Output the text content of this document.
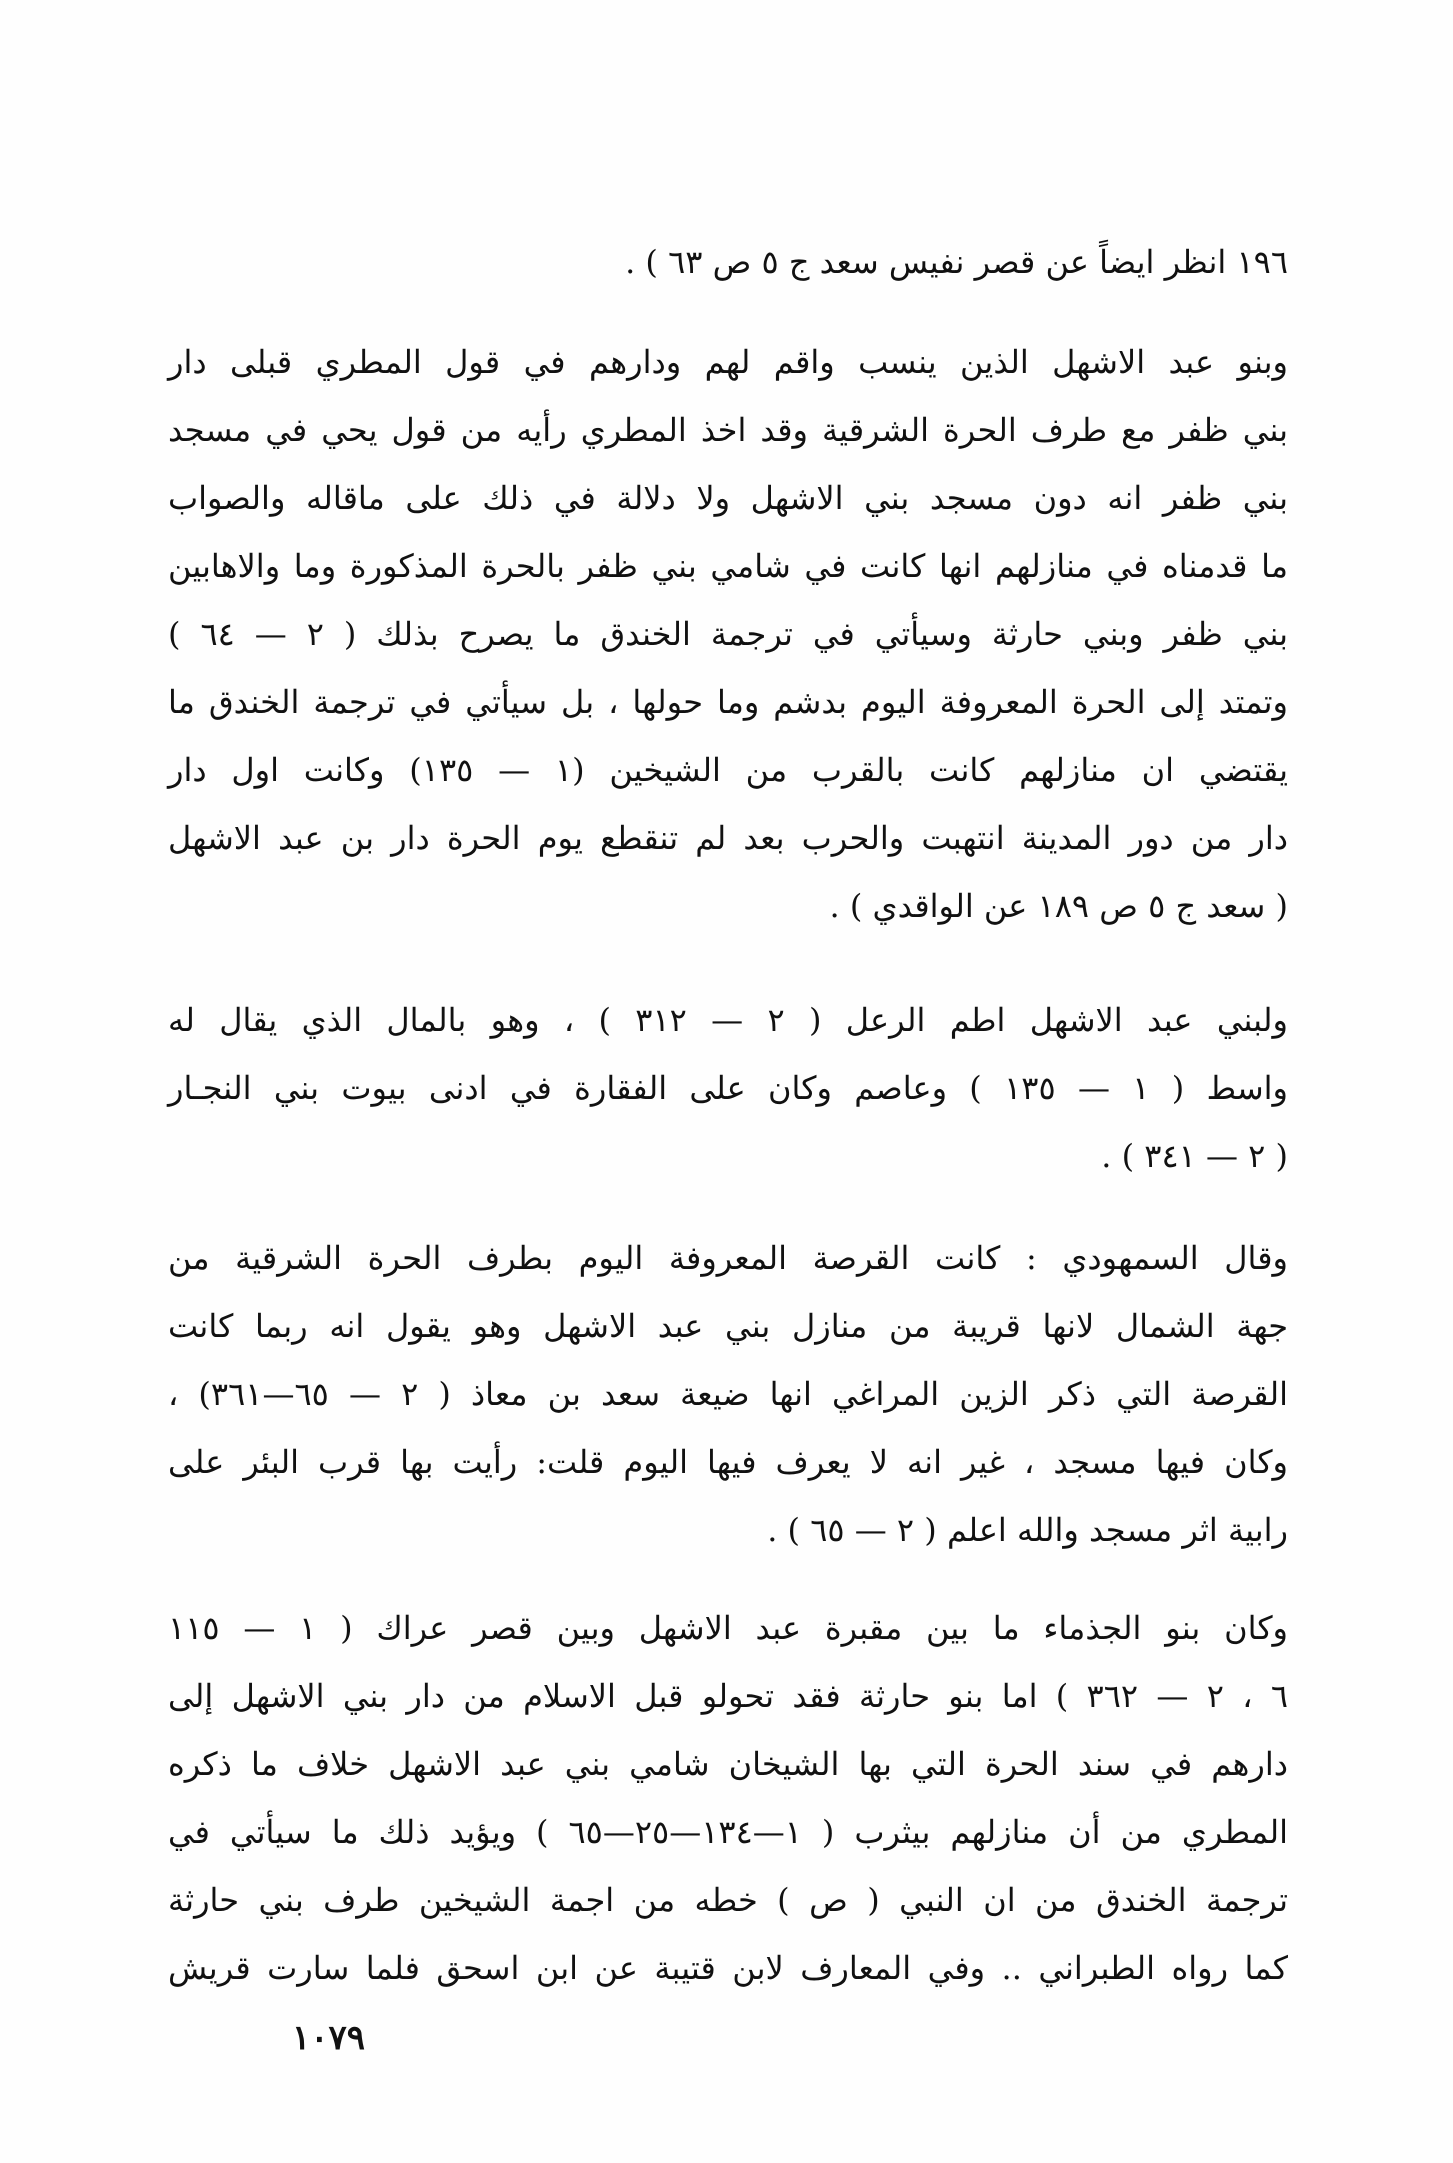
١٩٦ انظر ايضاً عن قصر نفيس سعد ج ٥ ص ٦٣ ) .
وبنو عبد الاشهل الذين ينسب واقم لهم ودارهم في قول المطري قبلى دار
بني ظفر مع طرف الحرة الشرقية وقد اخذ المطري رأيه من قول يحي في مسجد
بني ظفر انه دون مسجد بني الاشهل ولا دلالة في ذلك على ماقاله والصواب
ما قدمناه في منازلهم انها كانت في شامي بني ظفر بالحرة المذكورة وما والاهابين
بني ظفر وبني حارثة وسيأتي في ترجمة الخندق ما يصرح بذلك ( ٢ — ٦٤ )
وتمتد إلى الحرة المعروفة اليوم بدشم وما حولها ، بل سيأتي في ترجمة الخندق ما
يقتضي ان منازلهم كانت بالقرب من الشيخين (١ — ١٣٥) وكانت اول دار
دار من دور المدينة انتهبت والحرب بعد لم تنقطع يوم الحرة دار بن عبد الاشهل
( سعد ج ٥ ص ١٨٩ عن الواقدي ) .
ولبني عبد الاشهل اطم الرعل ( ٢ — ٣١٢ ) ، وهو بالمال الذي يقال له
واسط ( ١ — ١٣٥ ) وعاصم وكان على الفقارة في ادنى بيوت بني النجـار
( ٢ — ٣٤١ ) .
وقال السمهودي : كانت القرصة المعروفة اليوم بطرف الحرة الشرقية من
جهة الشمال لانها قريبة من منازل بني عبد الاشهل وهو يقول انه ربما كانت
القرصة التي ذكر الزين المراغي انها ضيعة سعد بن معاذ ( ٢ — ٦٥—٣٦١) ،
وكان فيها مسجد ، غير انه لا يعرف فيها اليوم قلت: رأيت بها قرب البئر على
رابية اثر مسجد والله اعلم ( ٢ — ٦٥ ) .
وكان بنو الجذماء ما بين مقبرة عبد الاشهل وبين قصر عراك ( ١ — ١١٥
٦ ، ٢ — ٣٦٢ ) اما بنو حارثة فقد تحولو قبل الاسلام من دار بني الاشهل إلى
دارهم في سند الحرة التي بها الشيخان شامي بني عبد الاشهل خلاف ما ذكره
المطري من أن منازلهم بيثرب ( ١—١٣٤—٢٥—٦٥ ) ويؤيد ذلك ما سيأتي في
ترجمة الخندق من ان النبي ( ص ) خطه من اجمة الشيخين طرف بني حارثة
كما رواه الطبراني .. وفي المعارف لابن قتيبة عن ابن اسحق فلما سارت قريش
١٠٧٩
